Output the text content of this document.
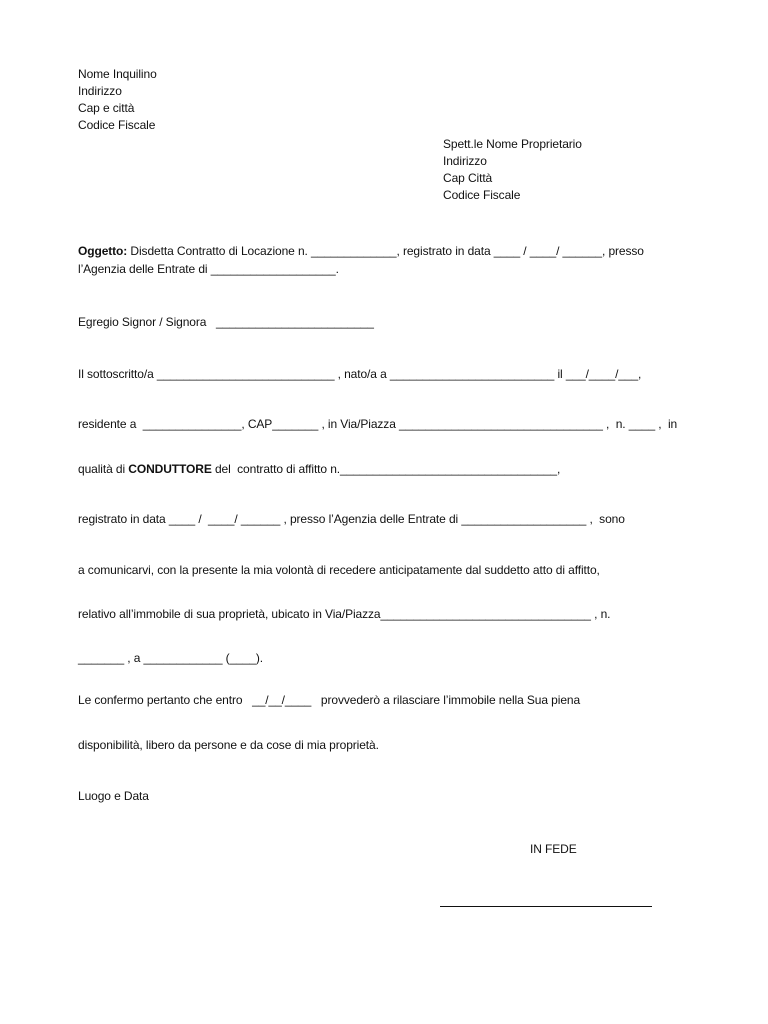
Nome Inquilino
Indirizzo
Cap e città
Codice Fiscale
Spett.le Nome Proprietario
Indirizzo
Cap Città
Codice Fiscale
Oggetto: Disdetta Contratto di Locazione n. _____________, registrato in data ____ / ____/ ______, presso
l’Agenzia delle Entrate di ___________________.
Egregio Signor / Signora   ________________________
Il sottoscritto/a ___________________________ , nato/a a _________________________ il ___/____/___,
residente a  _______________, CAP_______ , in Via/Piazza _______________________________ ,  n. ____ ,  in
qualità di CONDUTTORE del  contratto di affitto n._________________________________,
registrato in data ____ /  ____/ ______ , presso l’Agenzia delle Entrate di ___________________ ,  sono
a comunicarvi, con la presente la mia volontà di recedere anticipatamente dal suddetto atto di affitto,
relativo all’immobile di sua proprietà, ubicato in Via/Piazza________________________________ , n.
_______ , a ____________ (____).
Le confermo pertanto che entro   __/__/____   provvederò a rilasciare l’immobile nella Sua piena
disponibilità, libero da persone e da cose di mia proprietà.
Luogo e Data
IN FEDE
